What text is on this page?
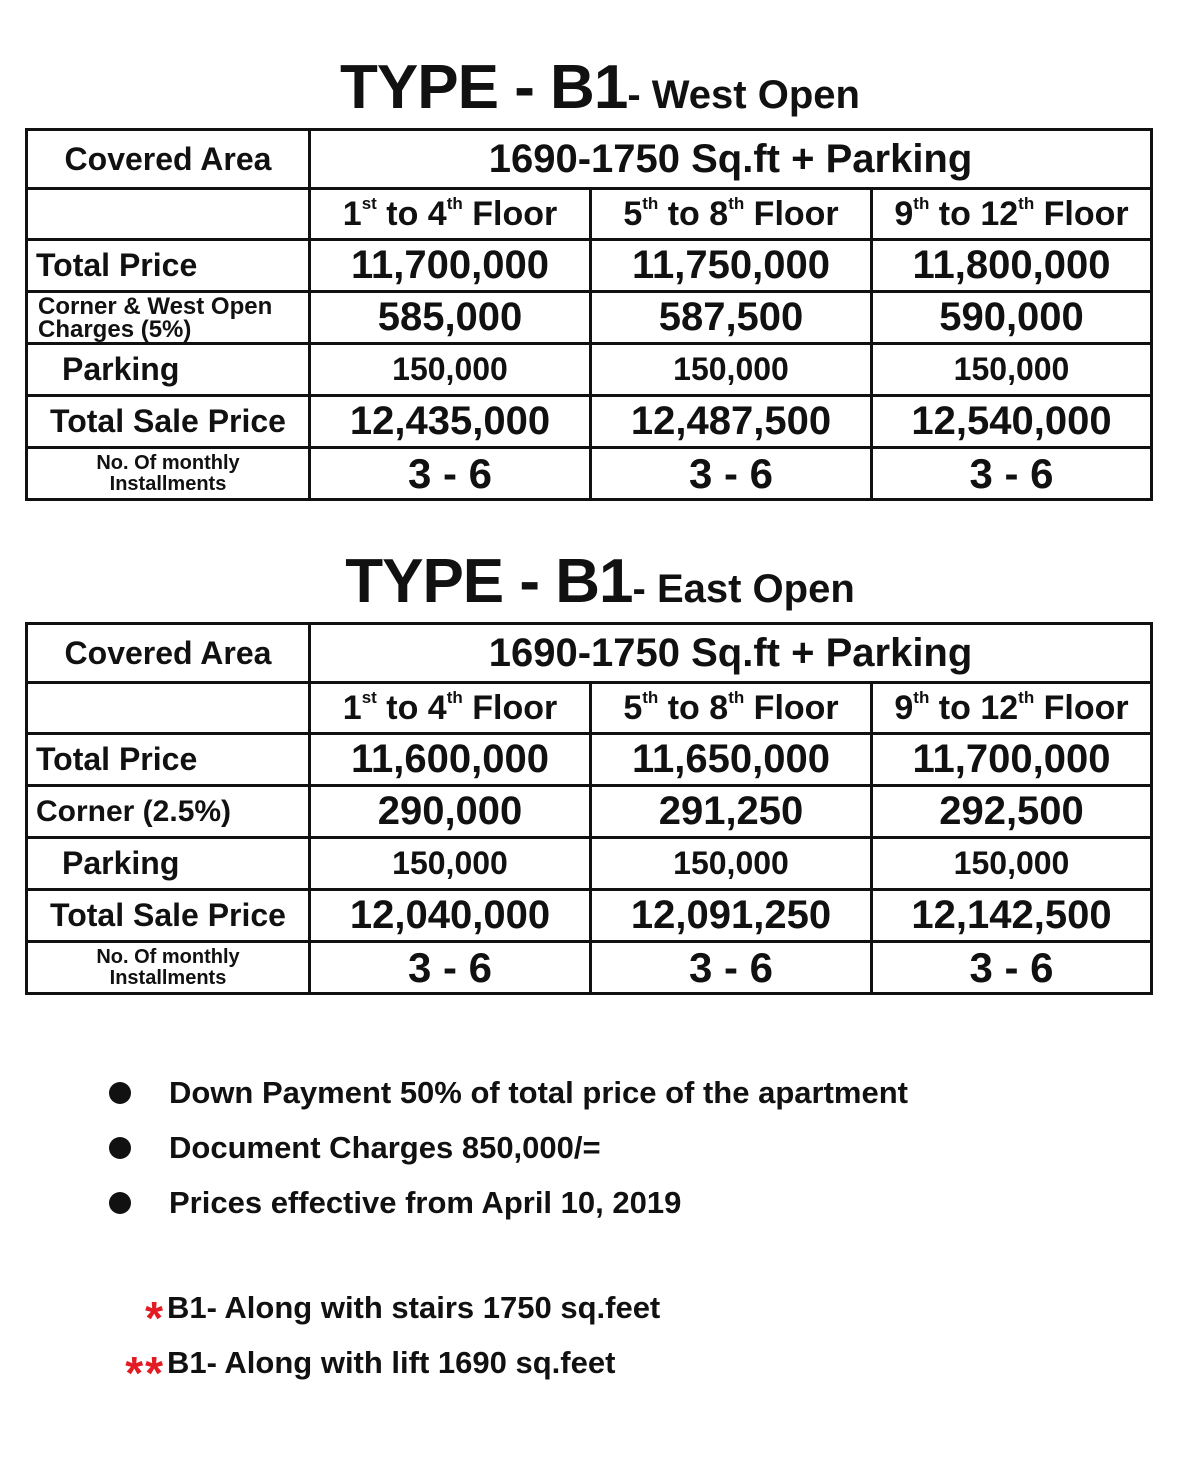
TYPE - B1- West Open
Covered Area	1690-1750 Sq.ft + Parking		
	1st to 4th Floor	5th to 8th Floor	9th to 12th Floor
Total Price	11,700,000	11,750,000	11,800,000
Corner & West Open Charges (5%)	585,000	587,500	590,000
Parking	150,000	150,000	150,000
Total Sale Price	12,435,000	12,487,500	12,540,000
No. Of monthly Installments	3 - 6	3 - 6	3 - 6
TYPE - B1- East Open
Covered Area	1690-1750 Sq.ft + Parking		
	1st to 4th Floor	5th to 8th Floor	9th to 12th Floor
Total Price	11,600,000	11,650,000	11,700,000
Corner (2.5%)	290,000	291,250	292,500
Parking	150,000	150,000	150,000
Total Sale Price	12,040,000	12,091,250	12,142,500
No. Of monthly Installments	3 - 6	3 - 6	3 - 6
Down Payment 50% of total price of the apartment
Document Charges 850,000/=
Prices effective from April 10, 2019
* B1- Along with stairs 1750 sq.feet
** B1- Along with lift 1690 sq.feet
